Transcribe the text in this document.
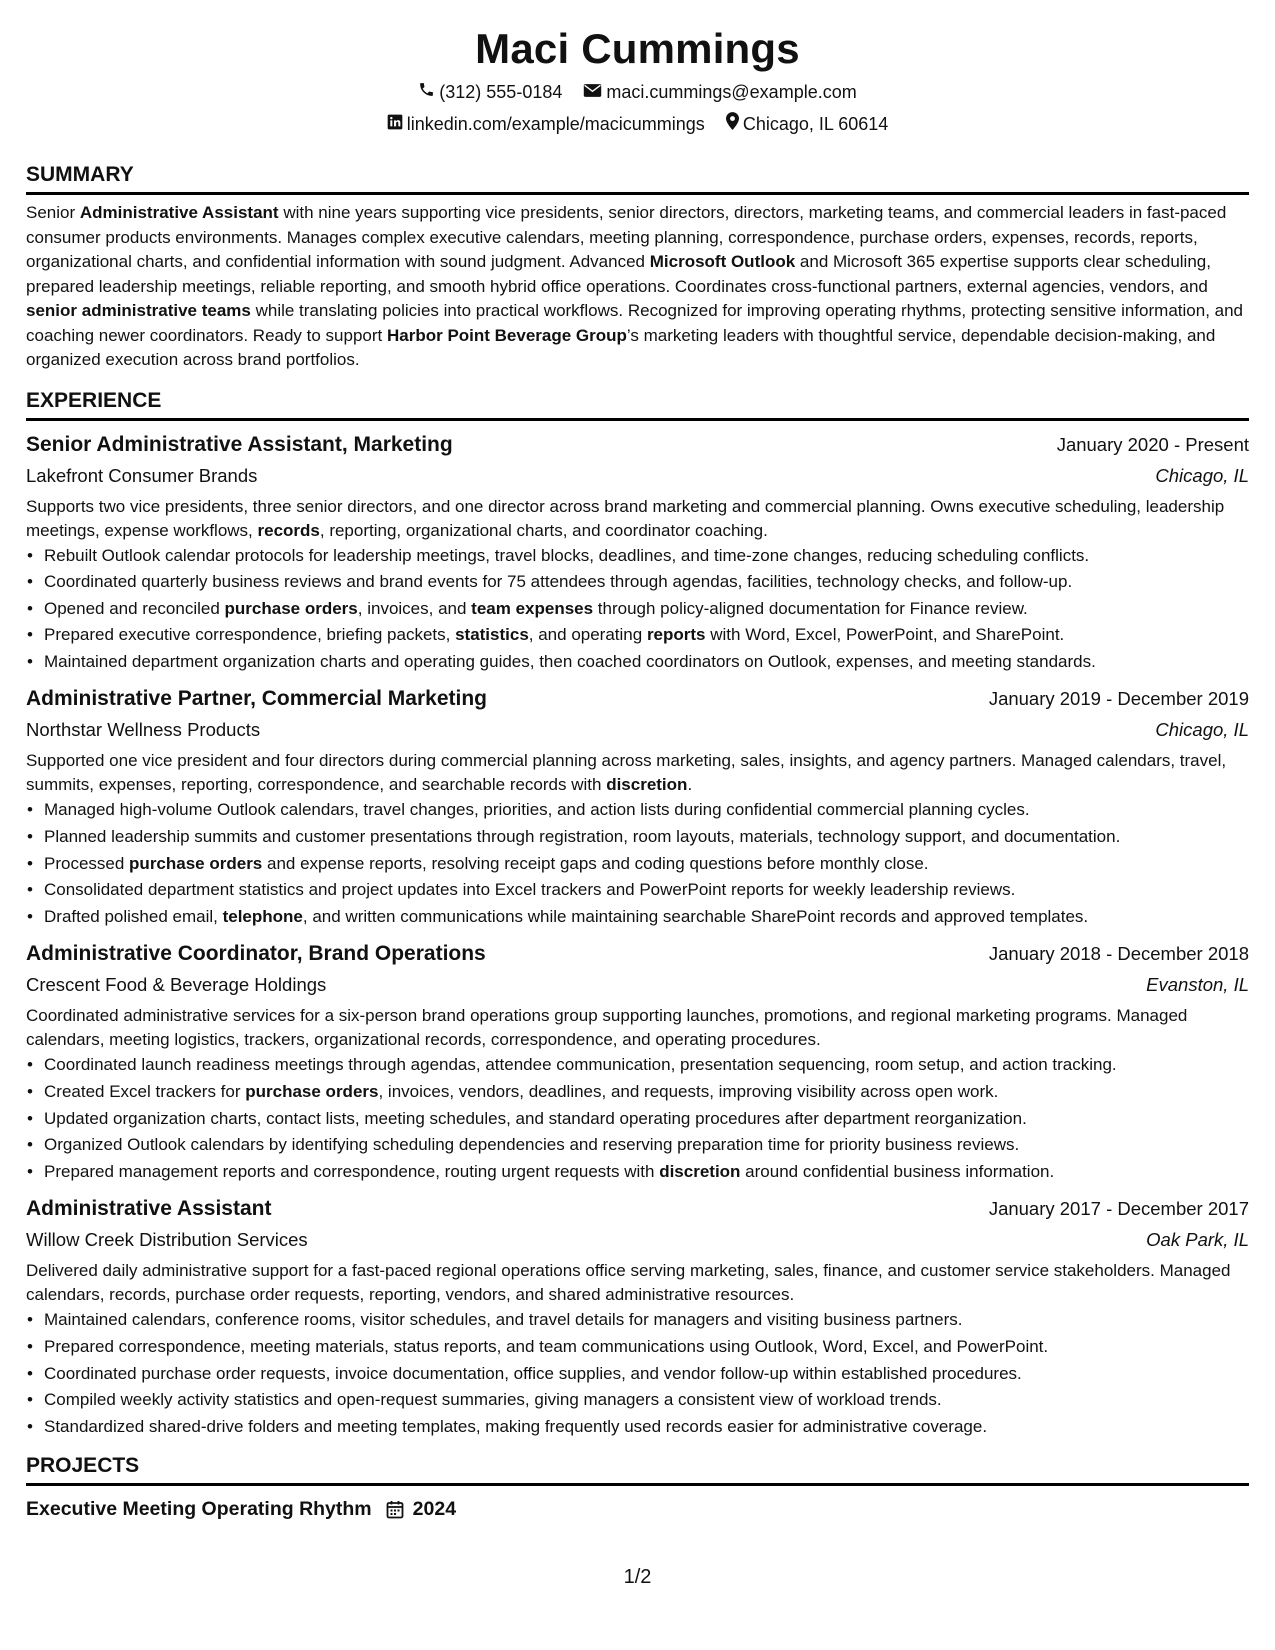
Maci Cummings
(312) 555-0184
maci.cummings@example.com
linkedin.com/example/macicummings
Chicago, IL 60614
SUMMARY

Senior Administrative Assistant with nine years supporting vice presidents, senior directors, directors, marketing teams, and commercial leaders in fast-paced consumer products environments. Manages complex executive calendars, meeting planning, correspondence, purchase orders, expenses, records, reports, organizational charts, and confidential information with sound judgment. Advanced Microsoft Outlook and Microsoft 365 expertise supports clear scheduling, prepared leadership meetings, reliable reporting, and smooth hybrid office operations. Coordinates cross-functional partners, external agencies, vendors, and senior administrative teams while translating policies into practical workflows. Recognized for improving operating rhythms, protecting sensitive information, and coaching newer coordinators. Ready to support Harbor Point Beverage Group’s marketing leaders with thoughtful service, dependable decision-making, and organized execution across brand portfolios.

EXPERIENCE
Senior Administrative Assistant, Marketing	January 2020 - Present
Lakefront Consumer Brands	Chicago, IL
Supports two vice presidents, three senior directors, and one director across brand marketing and commercial planning. Owns executive scheduling, leadership meetings, expense workflows, records, reporting, organizational charts, and coordinator coaching.
• Rebuilt Outlook calendar protocols for leadership meetings, travel blocks, deadlines, and time-zone changes, reducing scheduling conflicts.
• Coordinated quarterly business reviews and brand events for 75 attendees through agendas, facilities, technology checks, and follow-up.
• Opened and reconciled purchase orders, invoices, and team expenses through policy-aligned documentation for Finance review.
• Prepared executive correspondence, briefing packets, statistics, and operating reports with Word, Excel, PowerPoint, and SharePoint.
• Maintained department organization charts and operating guides, then coached coordinators on Outlook, expenses, and meeting standards.
Administrative Partner, Commercial Marketing	January 2019 - December 2019
Northstar Wellness Products	Chicago, IL
Supported one vice president and four directors during commercial planning across marketing, sales, insights, and agency partners. Managed calendars, travel, summits, expenses, reporting, correspondence, and searchable records with discretion.
• Managed high-volume Outlook calendars, travel changes, priorities, and action lists during confidential commercial planning cycles.
• Planned leadership summits and customer presentations through registration, room layouts, materials, technology support, and documentation.
• Processed purchase orders and expense reports, resolving receipt gaps and coding questions before monthly close.
• Consolidated department statistics and project updates into Excel trackers and PowerPoint reports for weekly leadership reviews.
• Drafted polished email, telephone, and written communications while maintaining searchable SharePoint records and approved templates.
Administrative Coordinator, Brand Operations	January 2018 - December 2018
Crescent Food & Beverage Holdings	Evanston, IL
Coordinated administrative services for a six-person brand operations group supporting launches, promotions, and regional marketing programs. Managed calendars, meeting logistics, trackers, organizational records, correspondence, and operating procedures.
• Coordinated launch readiness meetings through agendas, attendee communication, presentation sequencing, room setup, and action tracking.
• Created Excel trackers for purchase orders, invoices, vendors, deadlines, and requests, improving visibility across open work.
• Updated organization charts, contact lists, meeting schedules, and standard operating procedures after department reorganization.
• Organized Outlook calendars by identifying scheduling dependencies and reserving preparation time for priority business reviews.
• Prepared management reports and correspondence, routing urgent requests with discretion around confidential business information.
Administrative Assistant	January 2017 - December 2017
Willow Creek Distribution Services	Oak Park, IL
Delivered daily administrative support for a fast-paced regional operations office serving marketing, sales, finance, and customer service stakeholders. Managed calendars, records, purchase order requests, reporting, vendors, and shared administrative resources.
• Maintained calendars, conference rooms, visitor schedules, and travel details for managers and visiting business partners.
• Prepared correspondence, meeting materials, status reports, and team communications using Outlook, Word, Excel, and PowerPoint.
• Coordinated purchase order requests, invoice documentation, office supplies, and vendor follow-up within established procedures.
• Compiled weekly activity statistics and open-request summaries, giving managers a consistent view of workload trends.
• Standardized shared-drive folders and meeting templates, making frequently used records easier for administrative coverage.
PROJECTS
Executive Meeting Operating Rhythm 2024
1/2
